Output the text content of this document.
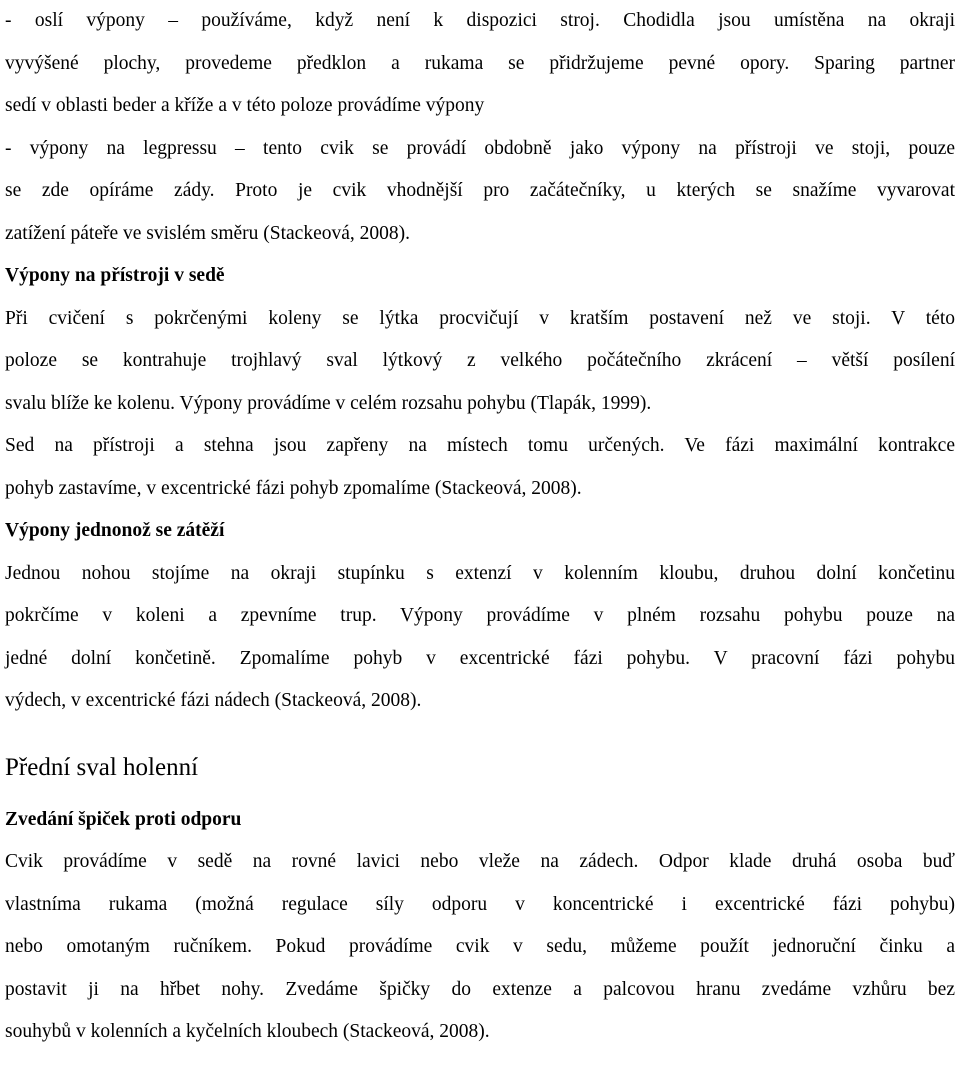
- oslí výpony – používáme, když není k dispozici stroj. Chodidla jsou umístěna na okraji
vyvýšené plochy, provedeme předklon a rukama se přidržujeme pevné opory. Sparing partner
sedí v oblasti beder a kříže a v této poloze provádíme výpony

- výpony na legpressu – tento cvik se provádí obdobně jako výpony na přístroji ve stoji, pouze
se zde opíráme zády. Proto je cvik vhodnější pro začátečníky, u kterých se snažíme vyvarovat
zatížení páteře ve svislém směru (Stackeová, 2008).

Výpony na přístroji v sedě

Při cvičení s pokrčenými koleny se lýtka procvičují v kratším postavení než ve stoji. V této
poloze se kontrahuje trojhlavý sval lýtkový z velkého počátečního zkrácení – větší posílení
svalu blíže ke kolenu. Výpony provádíme v celém rozsahu pohybu (Tlapák, 1999).

Sed na přístroji a stehna jsou zapřeny na místech tomu určených. Ve fázi maximální kontrakce
pohyb zastavíme, v excentrické fázi pohyb zpomalíme (Stackeová, 2008).

Výpony jednonož se zátěží

Jednou nohou stojíme na okraji stupínku s extenzí v kolenním kloubu, druhou dolní končetinu
pokrčíme v koleni a zpevníme trup. Výpony provádíme v plném rozsahu pohybu pouze na
jedné dolní končetině. Zpomalíme pohyb v excentrické fázi pohybu. V pracovní fázi pohybu
výdech, v excentrické fázi nádech (Stackeová, 2008).

Přední sval holenní

Zvedání špiček proti odporu

Cvik provádíme v sedě na rovné lavici nebo vleže na zádech. Odpor klade druhá osoba buď
vlastníma rukama (možná regulace síly odporu v koncentrické i excentrické fázi pohybu)
nebo omotaným ručníkem. Pokud provádíme cvik v sedu, můžeme použít jednoruční činku a
postavit ji na hřbet nohy. Zvedáme špičky do extenze a palcovou hranu zvedáme vzhůru bez
souhybů v kolenních a kyčelních kloubech (Stackeová, 2008).
